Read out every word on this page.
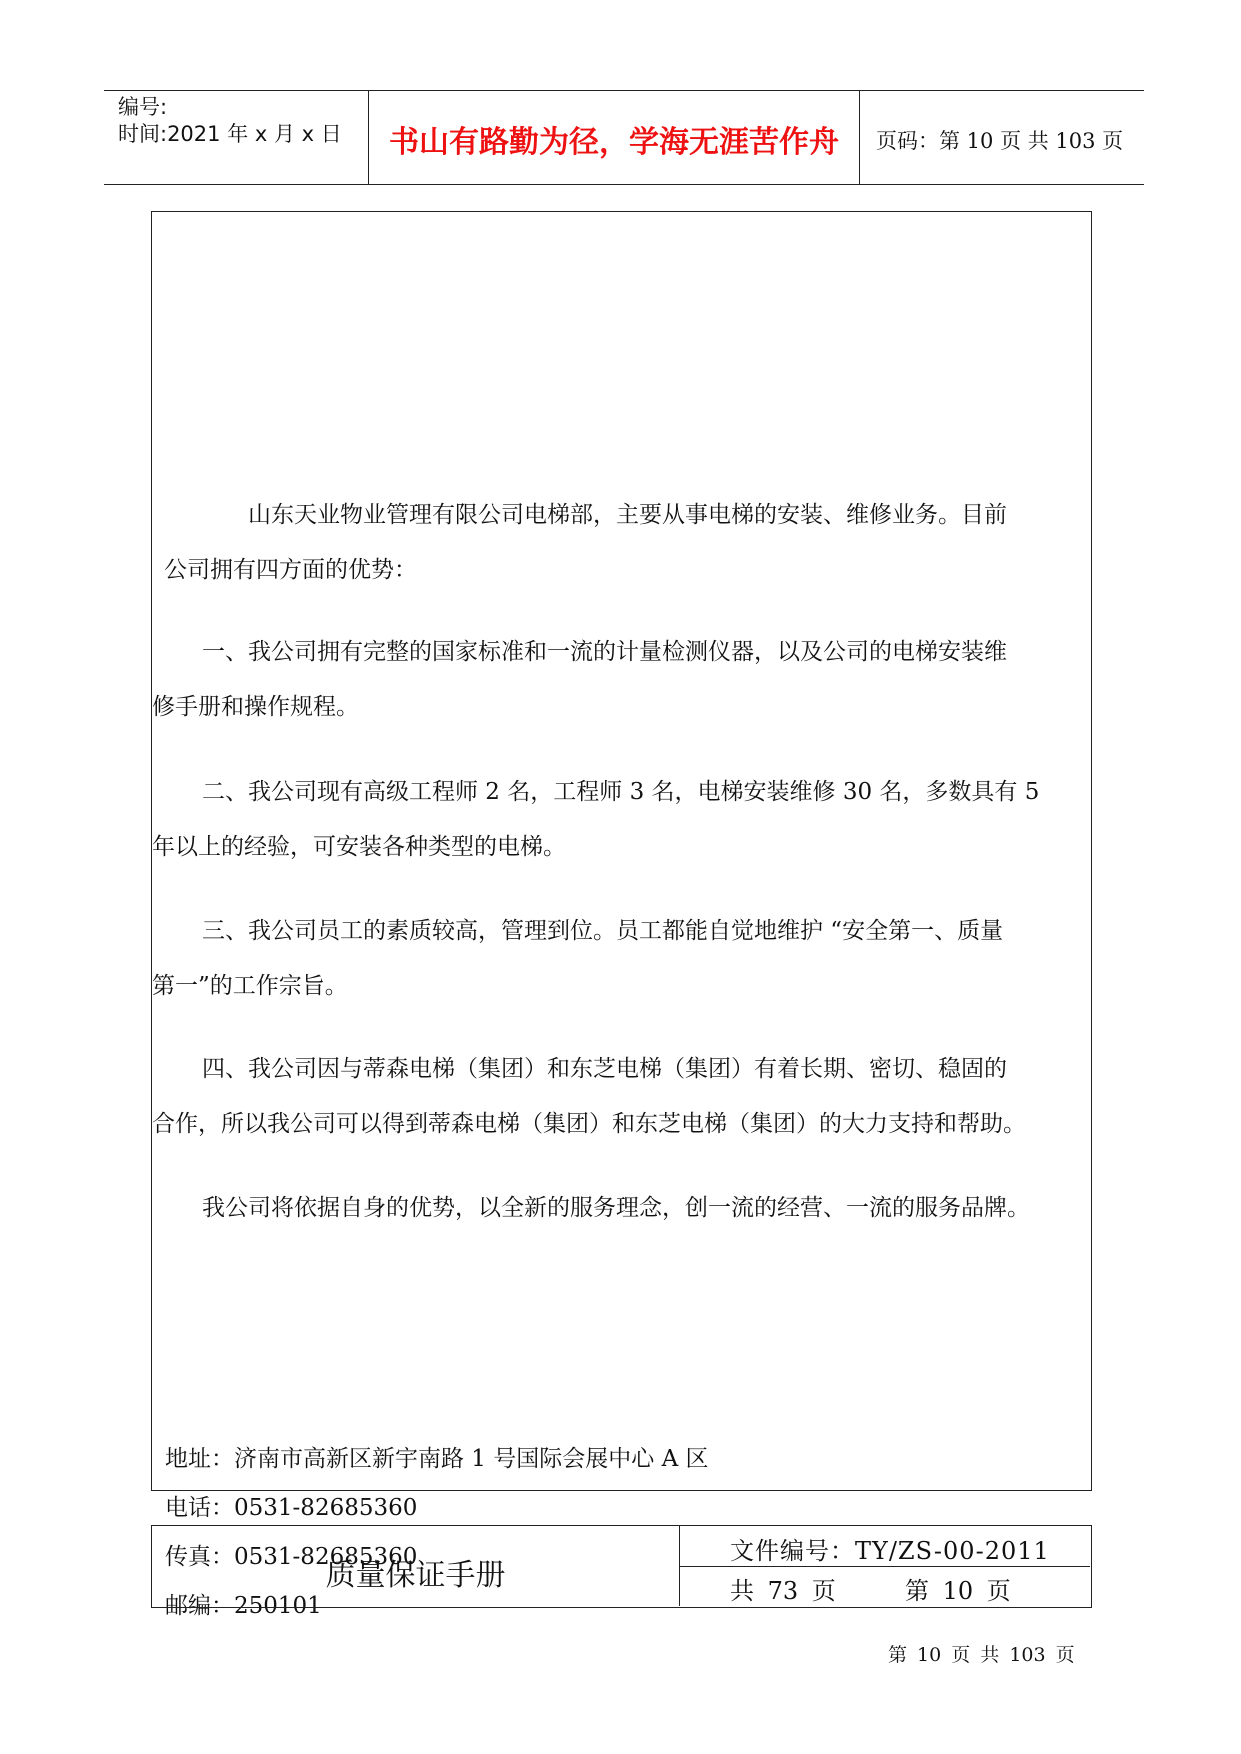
编号:
时间:2021 年 x 月 x 日	书山有路勤为径，学海无涯苦作舟	页码：第 10 页 共 103 页
山东天业物业管理有限公司电梯部，主要从事电梯的安装、维修业务。目前
公司拥有四方面的优势：
一、我公司拥有完整的国家标准和一流的计量检测仪器，以及公司的电梯安装维
修手册和操作规程。
二、我公司现有高级工程师 2 名，工程师 3 名，电梯安装维修 30 名，多数具有 5
年以上的经验，可安装各种类型的电梯。
三、我公司员工的素质较高，管理到位。员工都能自觉地维护 “安全第一、质量
第一”的工作宗旨。
四、我公司因与蒂森电梯（集团）和东芝电梯（集团）有着长期、密切、稳固的
合作，所以我公司可以得到蒂森电梯（集团）和东芝电梯（集团）的大力支持和帮助。
我公司将依据自身的优势，以全新的服务理念，创一流的经营、一流的服务品牌。
地址：济南市高新区新宇南路 1 号国际会展中心 A 区
电话：0531-82685360
传真：0531-82685360
邮编：250101
质量保证手册
文件编号：TY/ZS-00-2011
共 73 页	第 10 页
第 10 页 共 103 页
